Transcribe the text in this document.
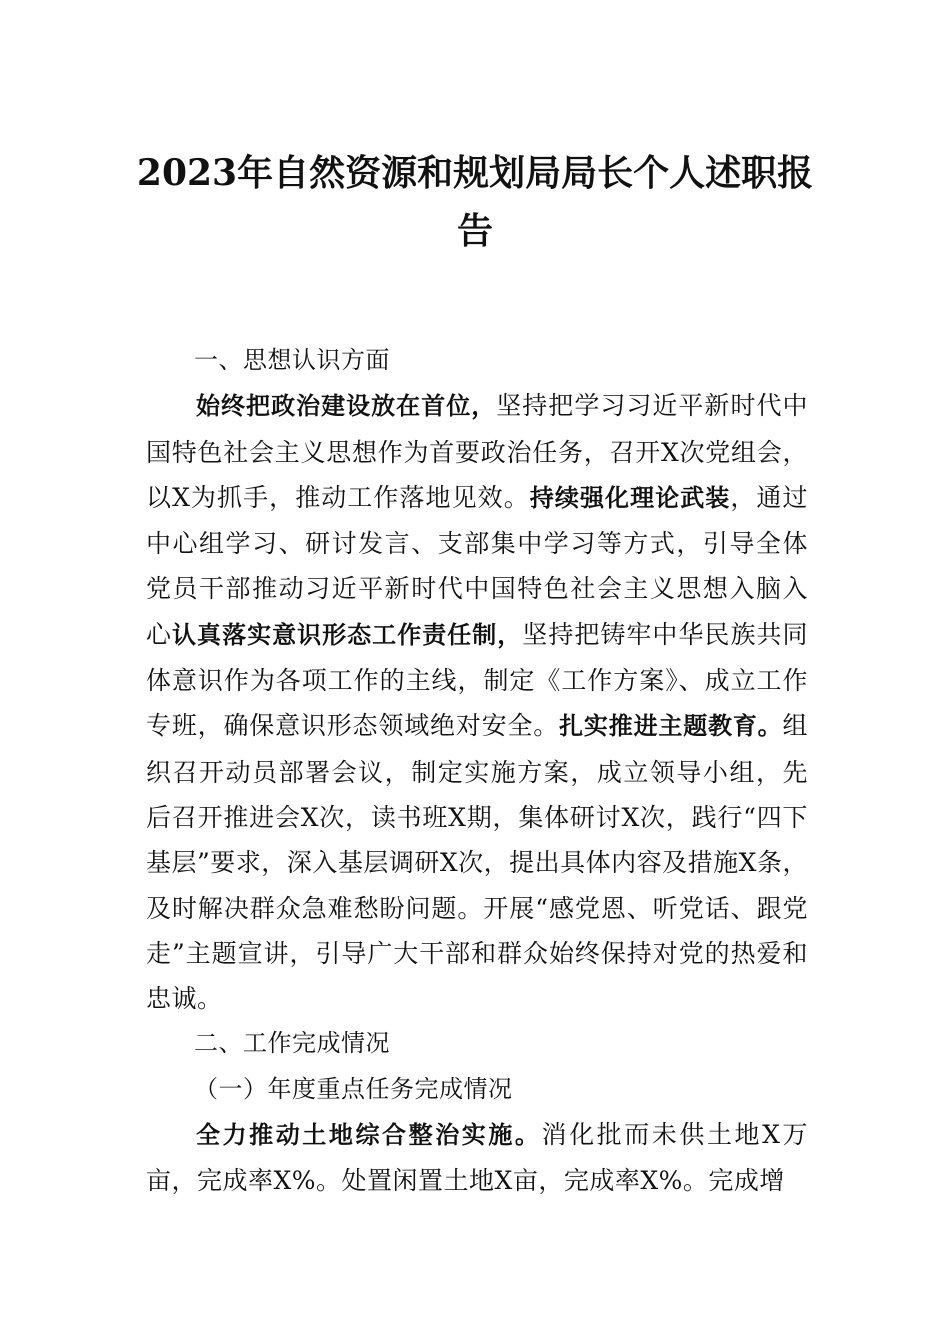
2023年自然资源和规划局局长个人述职报告

一、思想认识方面

始终把政治建设放在首位，坚持把学习习近平新时代中国特色社会主义思想作为首要政治任务，召开X次党组会，以X为抓手，推动工作落地见效。持续强化理论武装，通过中心组学习、研讨发言、支部集中学习等方式，引导全体党员干部推动习近平新时代中国特色社会主义思想入脑入心认真落实意识形态工作责任制，坚持把铸牢中华民族共同体意识作为各项工作的主线，制定《工作方案》、成立工作专班，确保意识形态领域绝对安全。扎实推进主题教育。组织召开动员部署会议，制定实施方案，成立领导小组，先后召开推进会X次，读书班X期，集体研讨X次，践行“四下基层”要求，深入基层调研X次，提出具体内容及措施X条，及时解决群众急难愁盼问题。开展“感党恩、听党话、跟党走”主题宣讲，引导广大干部和群众始终保持对党的热爱和忠诚。

二、工作完成情况

（一）年度重点任务完成情况

全力推动土地综合整治实施。消化批而未供土地X万亩，完成率X%。处置闲置土地X亩，完成率X%。完成增
